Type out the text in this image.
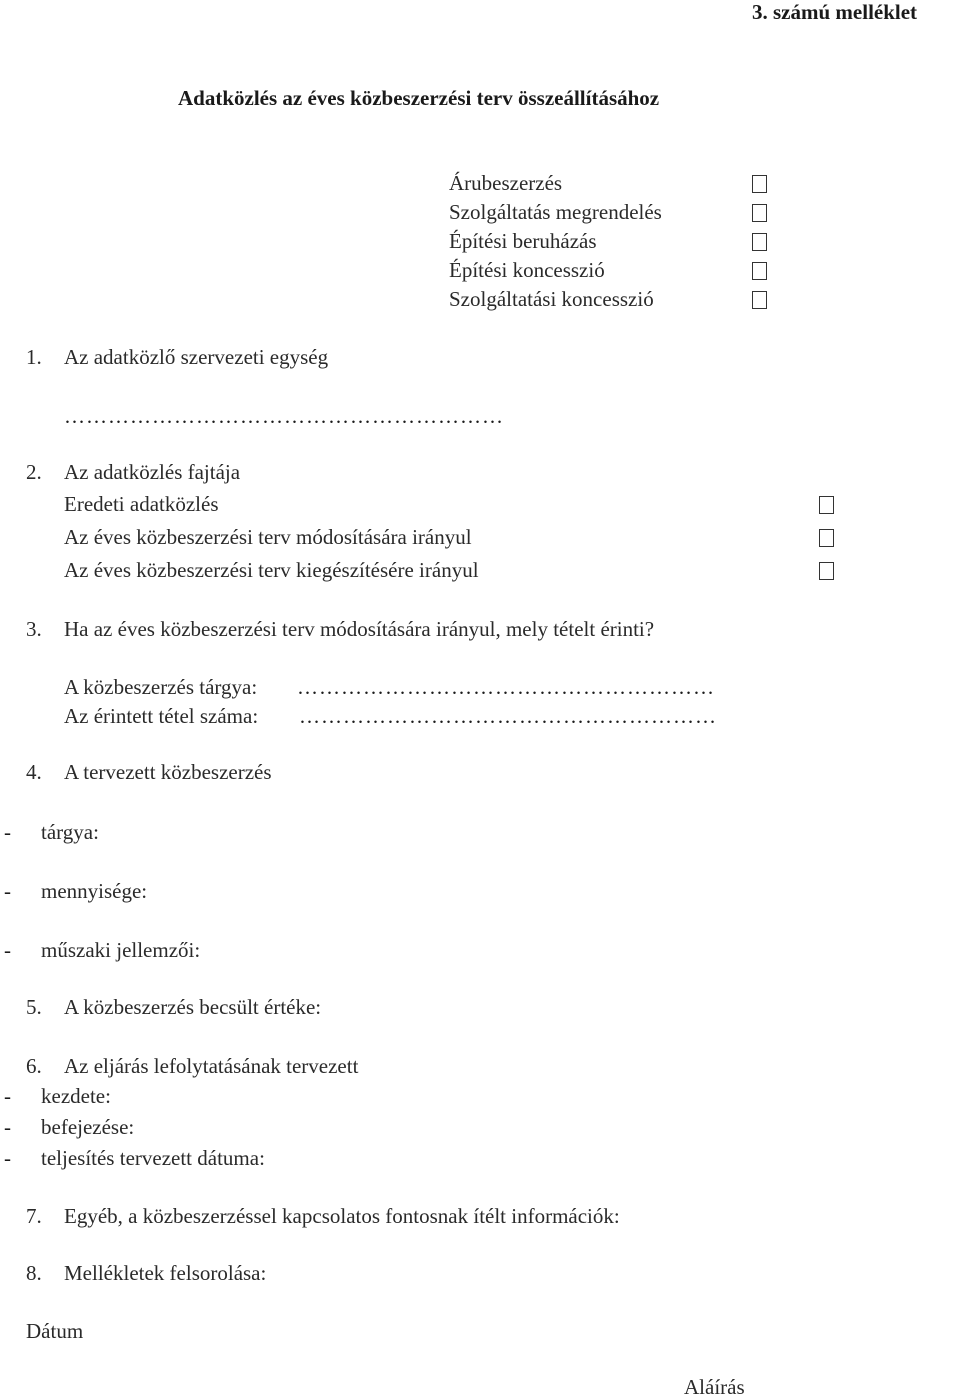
3. számú melléklet
Adatközlés az éves közbeszerzési terv összeállításához
Árubeszerzés
Szolgáltatás megrendelés
Építési beruházás
Építési koncesszió
Szolgáltatási koncesszió
1. Az adatközlő szervezeti egység
……………………………………………………
2. Az adatközlés fajtája
Eredeti adatközlés
Az éves közbeszerzési terv módosítására irányul
Az éves közbeszerzési terv kiegészítésére irányul
3. Ha az éves közbeszerzési terv módosítására irányul, mely tételt érinti?
A közbeszerzés tárgya: …………………………………………………
Az érintett tétel száma: …………………………………………………
4. A tervezett közbeszerzés
- tárgya:
- mennyisége:
- műszaki jellemzői:
5. A közbeszerzés becsült értéke:
6. Az eljárás lefolytatásának tervezett
- kezdete:
- befejezése:
- teljesítés tervezett dátuma:
7. Egyéb, a közbeszerzéssel kapcsolatos fontosnak ítélt információk:
8. Mellékletek felsorolása:
Dátum
Aláírás
